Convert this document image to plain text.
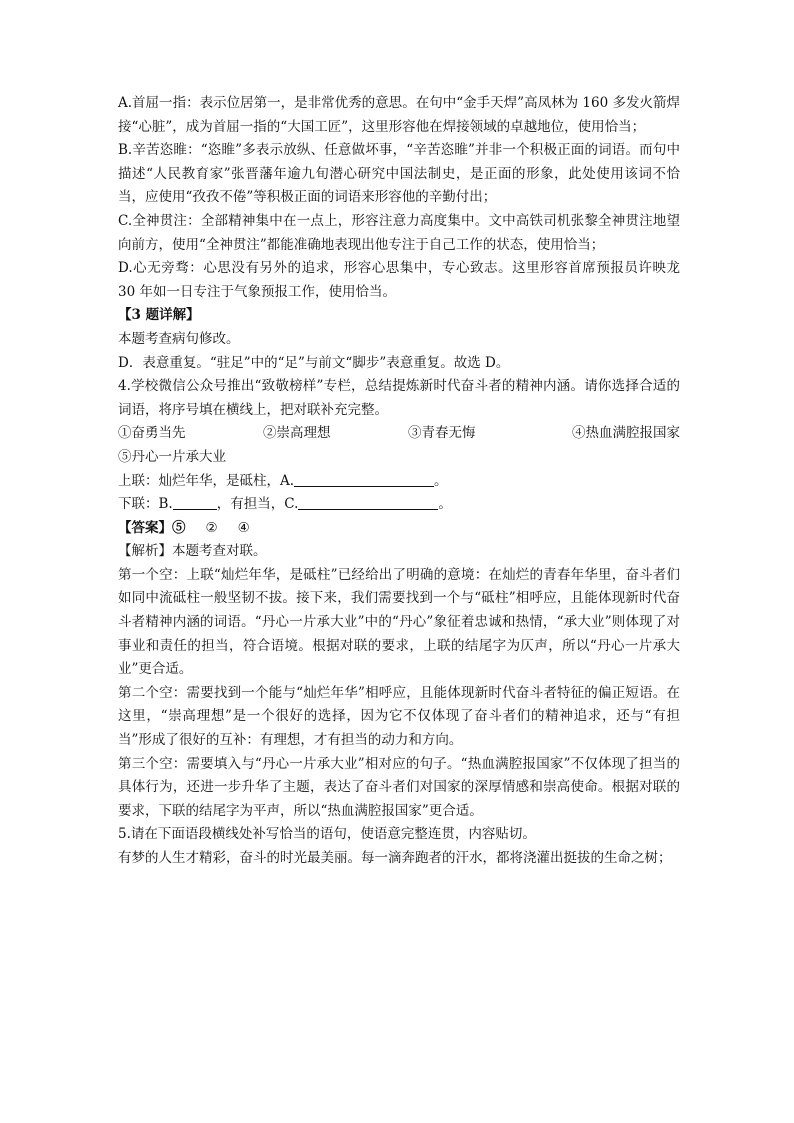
A.首屈一指：表示位居第一，是非常优秀的意思。在句中“金手天焊”高凤林为 160 多发火箭焊接“心脏”，成为首屈一指的“大国工匠”，这里形容他在焊接领域的卓越地位，使用恰当；

B.辛苦恣睢：“恣睢”多表示放纵、任意做坏事，“辛苦恣睢”并非一个积极正面的词语。而句中描述“人民教育家”张晋藩年逾九旬潜心研究中国法制史，是正面的形象，此处使用该词不恰当，应使用“孜孜不倦”等积极正面的词语来形容他的辛勤付出；

C.全神贯注：全部精神集中在一点上，形容注意力高度集中。文中高铁司机张黎全神贯注地望向前方，使用“全神贯注”都能准确地表现出他专注于自己工作的状态，使用恰当；

D.心无旁骛：心思没有另外的追求，形容心思集中，专心致志。这里形容首席预报员许映龙 30 年如一日专注于气象预报工作，使用恰当。

【3 题详解】

本题考查病句修改。

D．表意重复。“驻足”中的“足”与前文“脚步”表意重复。故选 D。

4.学校微信公众号推出“致敬榜样”专栏，总结提炼新时代奋斗者的精神内涵。请你选择合适的词语，将序号填在横线上，把对联补充完整。

①奋勇当先	②崇高理想	③青春无悔	④热血满腔报国家

⑤丹心一片承大业

上联：灿烂年华，是砥柱，A.	。

下联：B.	，有担当，C.	。

【答案】⑤ ② ④

【解析】本题考查对联。

第一个空：上联“灿烂年华，是砥柱”已经给出了明确的意境：在灿烂的青春年华里，奋斗者们如同中流砥柱一般坚韧不拔。接下来，我们需要找到一个与“砥柱”相呼应，且能体现新时代奋斗者精神内涵的词语。“丹心一片承大业”中的“丹心”象征着忠诚和热情，“承大业”则体现了对事业和责任的担当，符合语境。根据对联的要求，上联的结尾字为仄声，所以“丹心一片承大业”更合适。

第二个空：需要找到一个能与“灿烂年华”相呼应，且能体现新时代奋斗者特征的偏正短语。在这里，“崇高理想”是一个很好的选择，因为它不仅体现了奋斗者们的精神追求，还与“有担当”形成了很好的互补：有理想，才有担当的动力和方向。

第三个空：需要填入与“丹心一片承大业”相对应的句子。“热血满腔报国家”不仅体现了担当的具体行为，还进一步升华了主题，表达了奋斗者们对国家的深厚情感和崇高使命。根据对联的要求，下联的结尾字为平声，所以“热血满腔报国家”更合适。

5.请在下面语段横线处补写恰当的语句，使语意完整连贯，内容贴切。

有梦的人生才精彩，奋斗的时光最美丽。每一滴奔跑者的汗水，都将浇灌出挺拔的生命之树；
